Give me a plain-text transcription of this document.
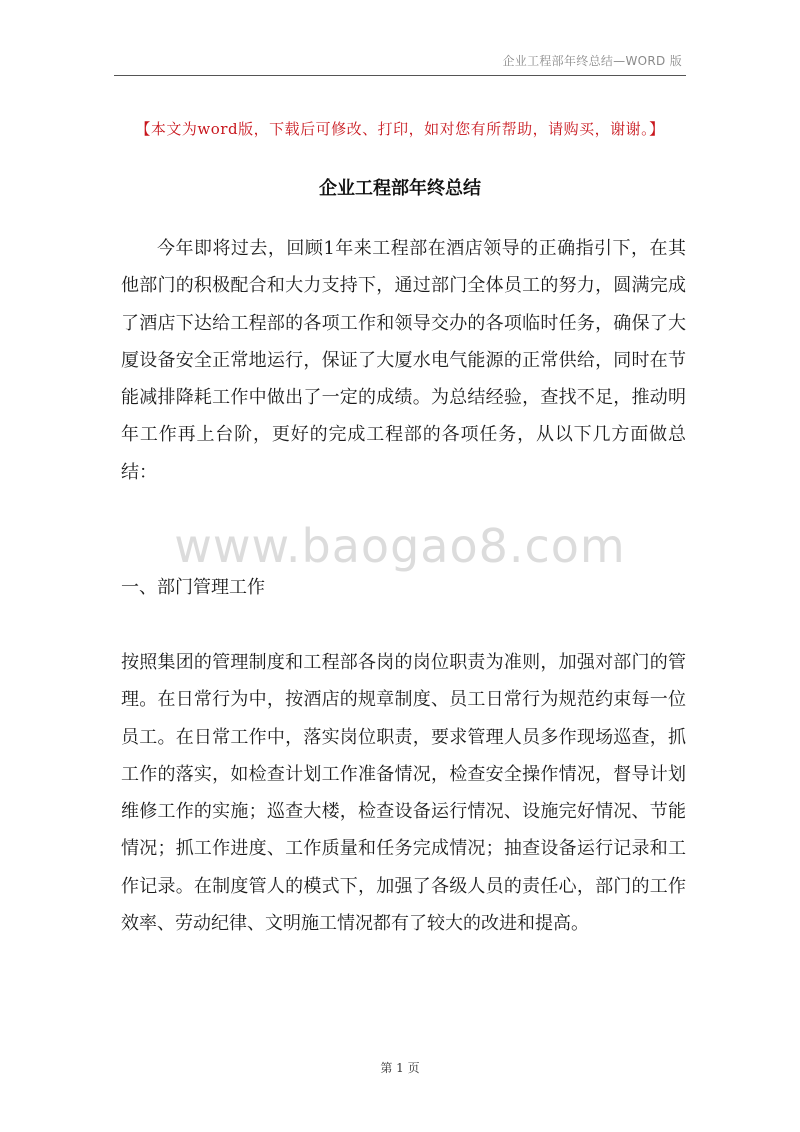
企业工程部年终总结—WORD 版
【本文为word版，下载后可修改、打印，如对您有所帮助，请购买，谢谢。】
企业工程部年终总结

今年即将过去，回顾1年来工程部在酒店领导的正确指引下，在其他部门的积极配合和大力支持下，通过部门全体员工的努力，圆满完成了酒店下达给工程部的各项工作和领导交办的各项临时任务，确保了大厦设备安全正常地运行，保证了大厦水电气能源的正常供给，同时在节能减排降耗工作中做出了一定的成绩。为总结经验，查找不足，推动明年工作再上台阶，更好的完成工程部的各项任务，从以下几方面做总结：

www.baogao8.com

一、部门管理工作

按照集团的管理制度和工程部各岗的岗位职责为准则，加强对部门的管理。在日常行为中，按酒店的规章制度、员工日常行为规范约束每一位员工。在日常工作中，落实岗位职责，要求管理人员多作现场巡查，抓工作的落实，如检查计划工作准备情况，检查安全操作情况，督导计划维修工作的实施；巡查大楼，检查设备运行情况、设施完好情况、节能情况；抓工作进度、工作质量和任务完成情况；抽查设备运行记录和工作记录。在制度管人的模式下，加强了各级人员的责任心，部门的工作效率、劳动纪律、文明施工情况都有了较大的改进和提高。

第 1 页
